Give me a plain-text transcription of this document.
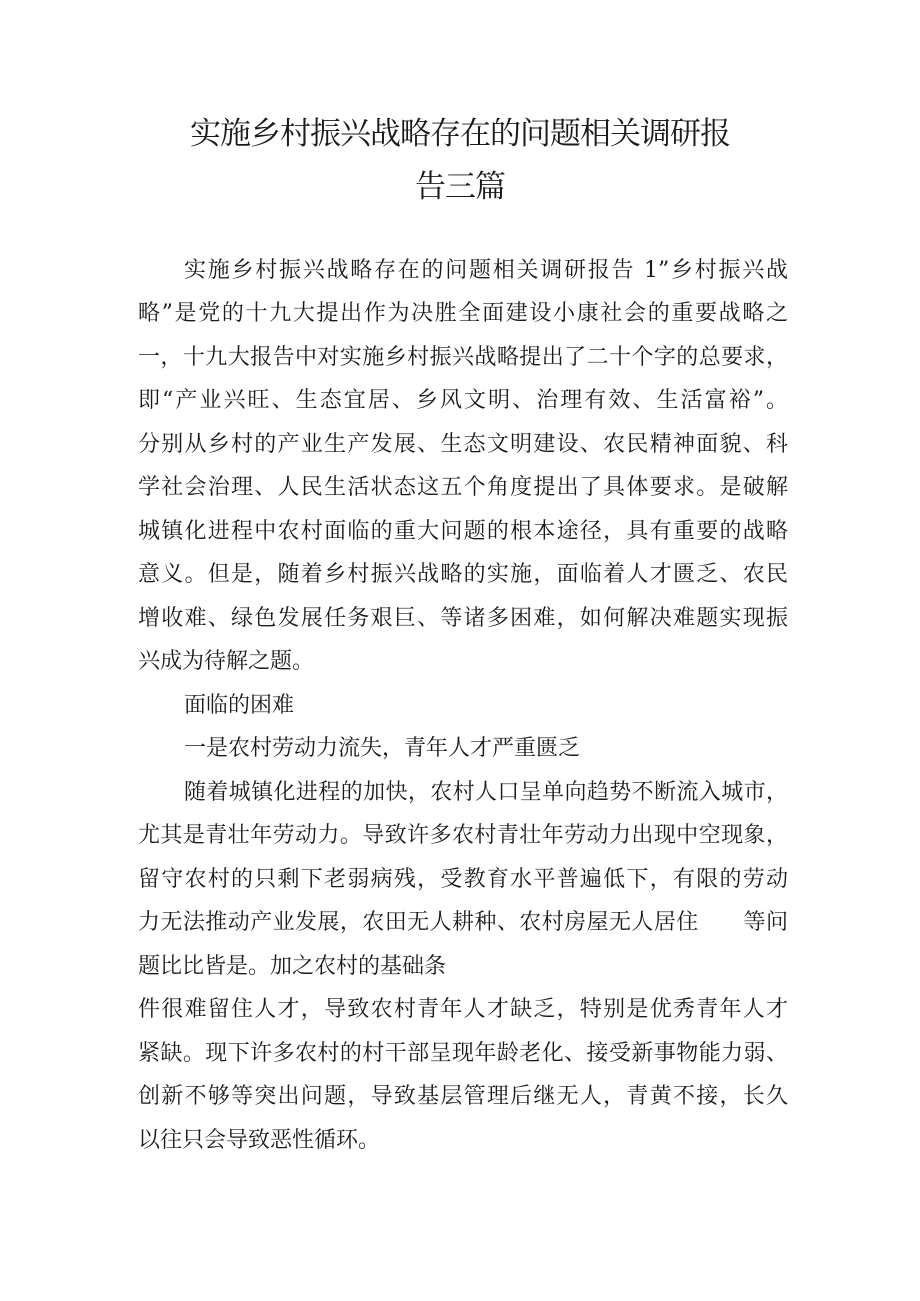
实施乡村振兴战略存在的问题相关调研报
告三篇
实施乡村振兴战略存在的问题相关调研报告 1”乡村振兴战
略”是党的十九大提出作为决胜全面建设小康社会的重要战略之
一，十九大报告中对实施乡村振兴战略提出了二十个字的总要求，
即“产业兴旺、生态宜居、乡风文明、治理有效、生活富裕”。
分别从乡村的产业生产发展、生态文明建设、农民精神面貌、科
学社会治理、人民生活状态这五个角度提出了具体要求。是破解
城镇化进程中农村面临的重大问题的根本途径，具有重要的战略
意义。但是，随着乡村振兴战略的实施，面临着人才匮乏、农民
增收难、绿色发展任务艰巨、等诸多困难，如何解决难题实现振
兴成为待解之题。
面临的困难
一是农村劳动力流失，青年人才严重匮乏
随着城镇化进程的加快，农村人口呈单向趋势不断流入城市，
尤其是青壮年劳动力。导致许多农村青壮年劳动力出现中空现象，
留守农村的只剩下老弱病残，受教育水平普遍低下，有限的劳动
力无法推动产业发展，农田无人耕种、农村房屋无人居住　　等问
题比比皆是。加之农村的基础条
件很难留住人才，导致农村青年人才缺乏，特别是优秀青年人才
紧缺。现下许多农村的村干部呈现年龄老化、接受新事物能力弱、
创新不够等突出问题，导致基层管理后继无人，青黄不接，长久
以往只会导致恶性循环。
